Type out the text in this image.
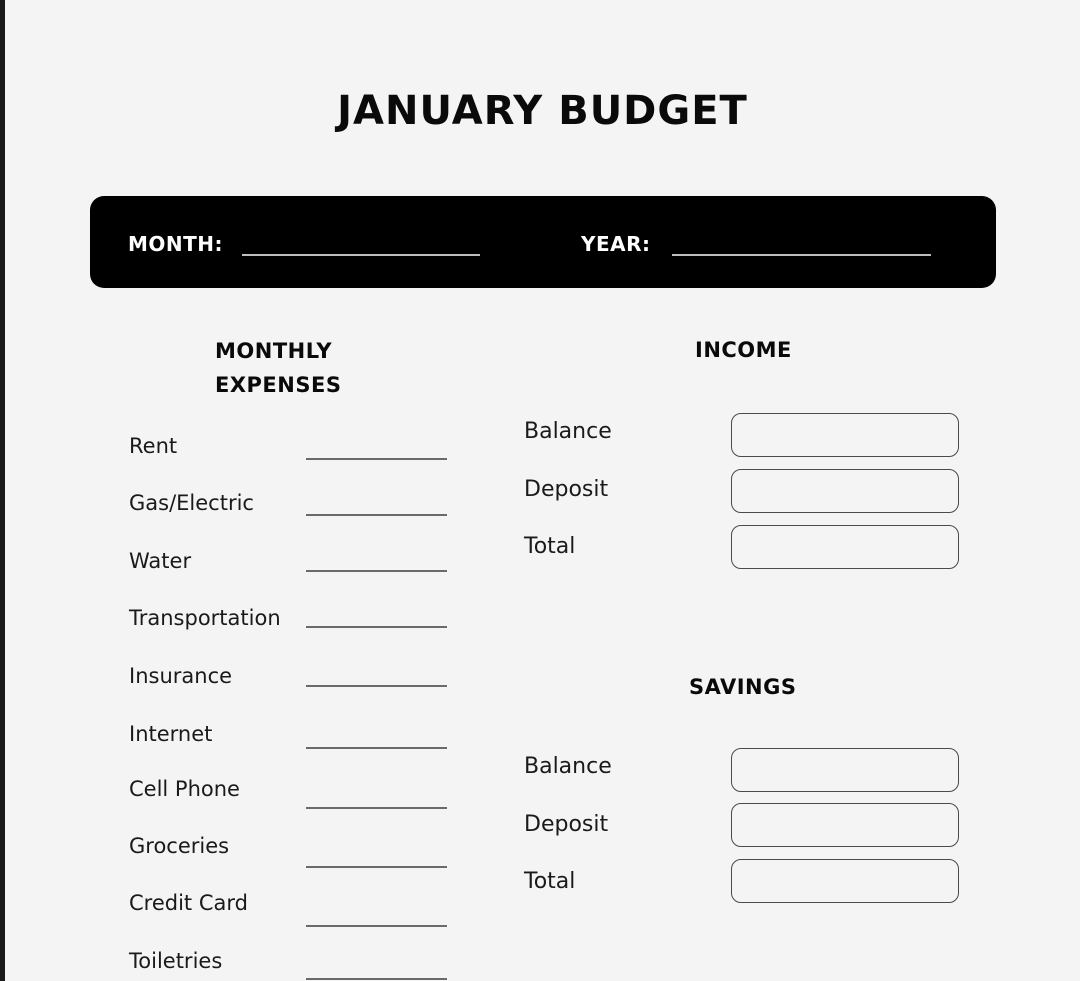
JANUARY BUDGET
MONTH:	YEAR:
MONTHLY
EXPENSES
Rent
Gas/Electric
Water
Transportation
Insurance
Internet
Cell Phone
Groceries
Credit Card
Toiletries
INCOME
Balance
Deposit
Total
SAVINGS
Balance
Deposit
Total
